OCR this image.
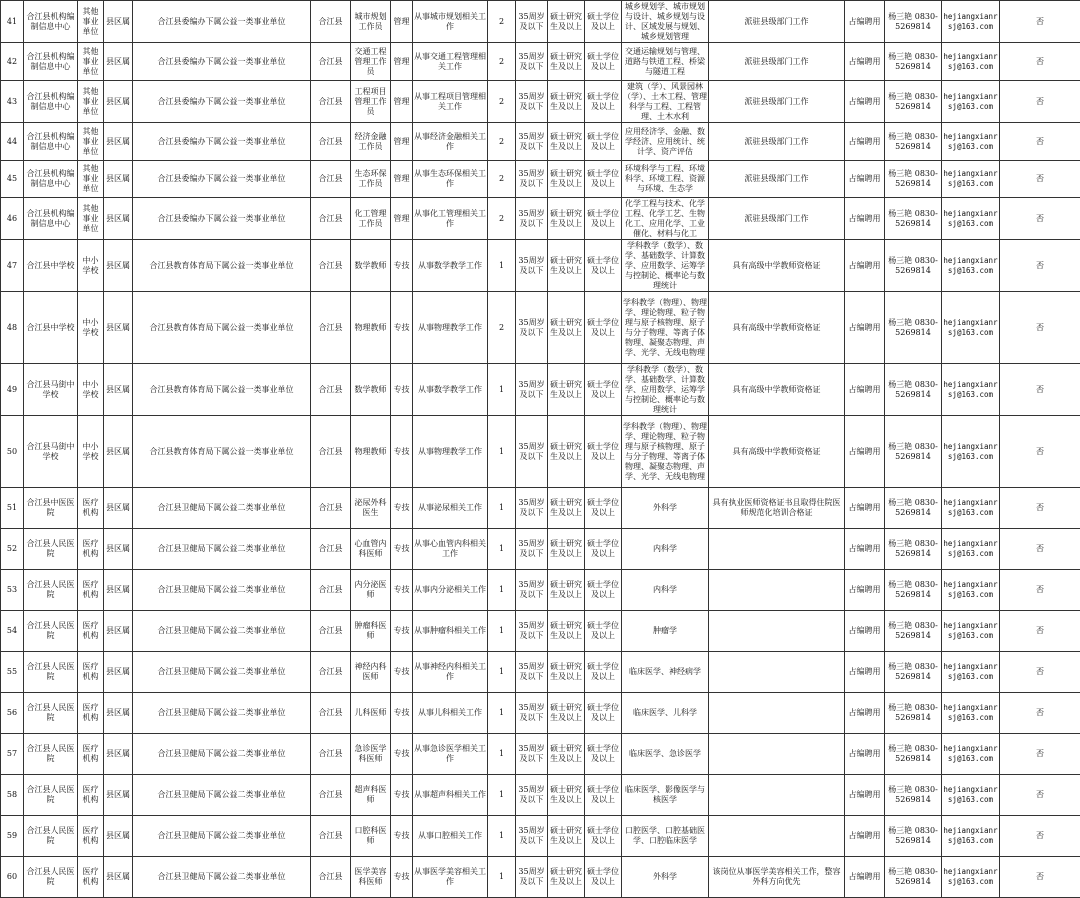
41	合江县机构编制信息中心	其他事业单位	县区属	合江县委编办下属公益一类事业单位	合江县	城市规划工作员	管理	从事城市规划相关工作	2	35周岁及以下	硕士研究生及以上	硕士学位及以上	城乡规划学、城市规划与设计、城乡规划与设计、区域发展与规划、城乡规划管理	派驻县级部门工作	占编聘用	杨三艳 0830-5269814	hejiangxianrsj@163.com	否
42	合江县机构编制信息中心	其他事业单位	县区属	合江县委编办下属公益一类事业单位	合江县	交通工程管理工作员	管理	从事交通工程管理相关工作	2	35周岁及以下	硕士研究生及以上	硕士学位及以上	交通运输规划与管理、道路与铁道工程、桥梁与隧道工程	派驻县级部门工作	占编聘用	杨三艳 0830-5269814	hejiangxianrsj@163.com	否
43	合江县机构编制信息中心	其他事业单位	县区属	合江县委编办下属公益一类事业单位	合江县	工程项目管理工作员	管理	从事工程项目管理相关工作	2	35周岁及以下	硕士研究生及以上	硕士学位及以上	建筑（学）、风景园林（学）、土木工程、管理科学与工程、工程管理、土木水利	派驻县级部门工作	占编聘用	杨三艳 0830-5269814	hejiangxianrsj@163.com	否
44	合江县机构编制信息中心	其他事业单位	县区属	合江县委编办下属公益一类事业单位	合江县	经济金融工作员	管理	从事经济金融相关工作	2	35周岁及以下	硕士研究生及以上	硕士学位及以上	应用经济学、金融、数学经济、应用统计、统计学、资产评估	派驻县级部门工作	占编聘用	杨三艳 0830-5269814	hejiangxianrsj@163.com	否
45	合江县机构编制信息中心	其他事业单位	县区属	合江县委编办下属公益一类事业单位	合江县	生态环保工作员	管理	从事生态环保相关工作	2	35周岁及以下	硕士研究生及以上	硕士学位及以上	环境科学与工程、环境科学、环境工程、资源与环境、生态学	派驻县级部门工作	占编聘用	杨三艳 0830-5269814	hejiangxianrsj@163.com	否
46	合江县机构编制信息中心	其他事业单位	县区属	合江县委编办下属公益一类事业单位	合江县	化工管理工作员	管理	从事化工管理相关工作	2	35周岁及以下	硕士研究生及以上	硕士学位及以上	化学工程与技术、化学工程、化学工艺、生物化工、应用化学、工业催化、材料与化工	派驻县级部门工作	占编聘用	杨三艳 0830-5269814	hejiangxianrsj@163.com	否
47	合江县中学校	中小学校	县区属	合江县教育体育局下属公益一类事业单位	合江县	数学教师	专技	从事数学教学工作	1	35周岁及以下	硕士研究生及以上	硕士学位及以上	学科教学（数学）、数学、基础数学、计算数学、应用数学、运筹学与控制论、概率论与数理统计	具有高级中学教师资格证	占编聘用	杨三艳 0830-5269814	hejiangxianrsj@163.com	否
48	合江县中学校	中小学校	县区属	合江县教育体育局下属公益一类事业单位	合江县	物理教师	专技	从事物理教学工作	2	35周岁及以下	硕士研究生及以上	硕士学位及以上	学科教学（物理）、物理学、理论物理、粒子物理与原子核物理、原子与分子物理、等离子体物理、凝聚态物理、声学、光学、无线电物理	具有高级中学教师资格证	占编聘用	杨三艳 0830-5269814	hejiangxianrsj@163.com	否
49	合江县马街中学校	中小学校	县区属	合江县教育体育局下属公益一类事业单位	合江县	数学教师	专技	从事数学教学工作	1	35周岁及以下	硕士研究生及以上	硕士学位及以上	学科教学（数学）、数学、基础数学、计算数学、应用数学、运筹学与控制论、概率论与数理统计	具有高级中学教师资格证	占编聘用	杨三艳 0830-5269814	hejiangxianrsj@163.com	否
50	合江县马街中学校	中小学校	县区属	合江县教育体育局下属公益一类事业单位	合江县	物理教师	专技	从事物理教学工作	1	35周岁及以下	硕士研究生及以上	硕士学位及以上	学科教学（物理）、物理学、理论物理、粒子物理与原子核物理、原子与分子物理、等离子体物理、凝聚态物理、声学、光学、无线电物理	具有高级中学教师资格证	占编聘用	杨三艳 0830-5269814	hejiangxianrsj@163.com	否
51	合江县中医医院	医疗机构	县区属	合江县卫健局下属公益二类事业单位	合江县	泌尿外科医生	专技	从事泌尿相关工作	1	35周岁及以下	硕士研究生及以上	硕士学位及以上	外科学	具有执业医师资格证书且取得住院医师规范化培训合格证	占编聘用	杨三艳 0830-5269814	hejiangxianrsj@163.com	否
52	合江县人民医院	医疗机构	县区属	合江县卫健局下属公益二类事业单位	合江县	心血管内科医师	专技	从事心血管内科相关工作	1	35周岁及以下	硕士研究生及以上	硕士学位及以上	内科学		占编聘用	杨三艳 0830-5269814	hejiangxianrsj@163.com	否
53	合江县人民医院	医疗机构	县区属	合江县卫健局下属公益二类事业单位	合江县	内分泌医师	专技	从事内分泌相关工作	1	35周岁及以下	硕士研究生及以上	硕士学位及以上	内科学		占编聘用	杨三艳 0830-5269814	hejiangxianrsj@163.com	否
54	合江县人民医院	医疗机构	县区属	合江县卫健局下属公益二类事业单位	合江县	肿瘤科医师	专技	从事肿瘤科相关工作	1	35周岁及以下	硕士研究生及以上	硕士学位及以上	肿瘤学		占编聘用	杨三艳 0830-5269814	hejiangxianrsj@163.com	否
55	合江县人民医院	医疗机构	县区属	合江县卫健局下属公益二类事业单位	合江县	神经内科医师	专技	从事神经内科相关工作	1	35周岁及以下	硕士研究生及以上	硕士学位及以上	临床医学、神经病学		占编聘用	杨三艳 0830-5269814	hejiangxianrsj@163.com	否
56	合江县人民医院	医疗机构	县区属	合江县卫健局下属公益二类事业单位	合江县	儿科医师	专技	从事儿科相关工作	1	35周岁及以下	硕士研究生及以上	硕士学位及以上	临床医学、儿科学		占编聘用	杨三艳 0830-5269814	hejiangxianrsj@163.com	否
57	合江县人民医院	医疗机构	县区属	合江县卫健局下属公益二类事业单位	合江县	急诊医学科医师	专技	从事急诊医学相关工作	1	35周岁及以下	硕士研究生及以上	硕士学位及以上	临床医学、急诊医学		占编聘用	杨三艳 0830-5269814	hejiangxianrsj@163.com	否
58	合江县人民医院	医疗机构	县区属	合江县卫健局下属公益二类事业单位	合江县	超声科医师	专技	从事超声科相关工作	1	35周岁及以下	硕士研究生及以上	硕士学位及以上	临床医学、影像医学与核医学		占编聘用	杨三艳 0830-5269814	hejiangxianrsj@163.com	否
59	合江县人民医院	医疗机构	县区属	合江县卫健局下属公益二类事业单位	合江县	口腔科医师	专技	从事口腔相关工作	1	35周岁及以下	硕士研究生及以上	硕士学位及以上	口腔医学、口腔基础医学、口腔临床医学		占编聘用	杨三艳 0830-5269814	hejiangxianrsj@163.com	否
60	合江县人民医院	医疗机构	县区属	合江县卫健局下属公益二类事业单位	合江县	医学美容科医师	专技	从事医学美容相关工作	1	35周岁及以下	硕士研究生及以上	硕士学位及以上	外科学	该岗位从事医学美容相关工作，整容外科方向优先	占编聘用	杨三艳 0830-5269814	hejiangxianrsj@163.com	否
